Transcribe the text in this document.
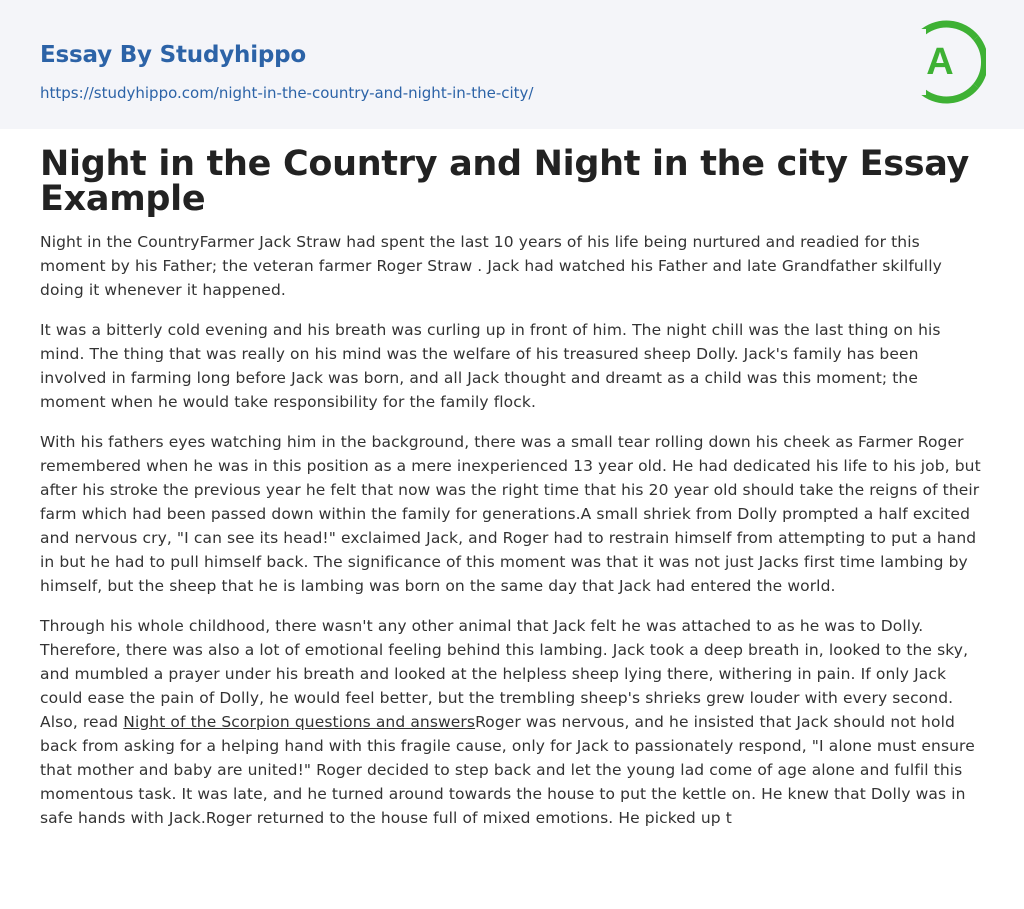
Essay By Studyhippo
https://studyhippo.com/night-in-the-country-and-night-in-the-city/
A
Night in the Country and Night in the city Essay Example

Night in the CountryFarmer Jack Straw had spent the last 10 years of his life being nurtured and readied for this moment by his Father; the veteran farmer Roger Straw . Jack had watched his Father and late Grandfather skilfully doing it whenever it happened.

It was a bitterly cold evening and his breath was curling up in front of him. The night chill was the last thing on his mind. The thing that was really on his mind was the welfare of his treasured sheep Dolly. Jack's family has been involved in farming long before Jack was born, and all Jack thought and dreamt as a child was this moment; the moment when he would take responsibility for the family flock.

With his fathers eyes watching him in the background, there was a small tear rolling down his cheek as Farmer Roger remembered when he was in this position as a mere inexperienced 13 year old. He had dedicated his life to his job, but after his stroke the previous year he felt that now was the right time that his 20 year old should take the reigns of their farm which had been passed down within the family for generations.A small shriek from Dolly prompted a half excited and nervous cry, "I can see its head!" exclaimed Jack, and Roger had to restrain himself from attempting to put a hand in but he had to pull himself back. The significance of this moment was that it was not just Jacks first time lambing by himself, but the sheep that he is lambing was born on the same day that Jack had entered the world.

Through his whole childhood, there wasn't any other animal that Jack felt he was attached to as he was to Dolly. Therefore, there was also a lot of emotional feeling behind this lambing. Jack took a deep breath in, looked to the sky, and mumbled a prayer under his breath and looked at the helpless sheep lying there, withering in pain. If only Jack could ease the pain of Dolly, he would feel better, but the trembling sheep's shrieks grew louder with every second. Also, read Night of the Scorpion questions and answersRoger was nervous, and he insisted that Jack should not hold back from asking for a helping hand with this fragile cause, only for Jack to passionately respond, "I alone must ensure that mother and baby are united!" Roger decided to step back and let the young lad come of age alone and fulfil this momentous task. It was late, and he turned around towards the house to put the kettle on. He knew that Dolly was in safe hands with Jack.Roger returned to the house full of mixed emotions. He picked up t
